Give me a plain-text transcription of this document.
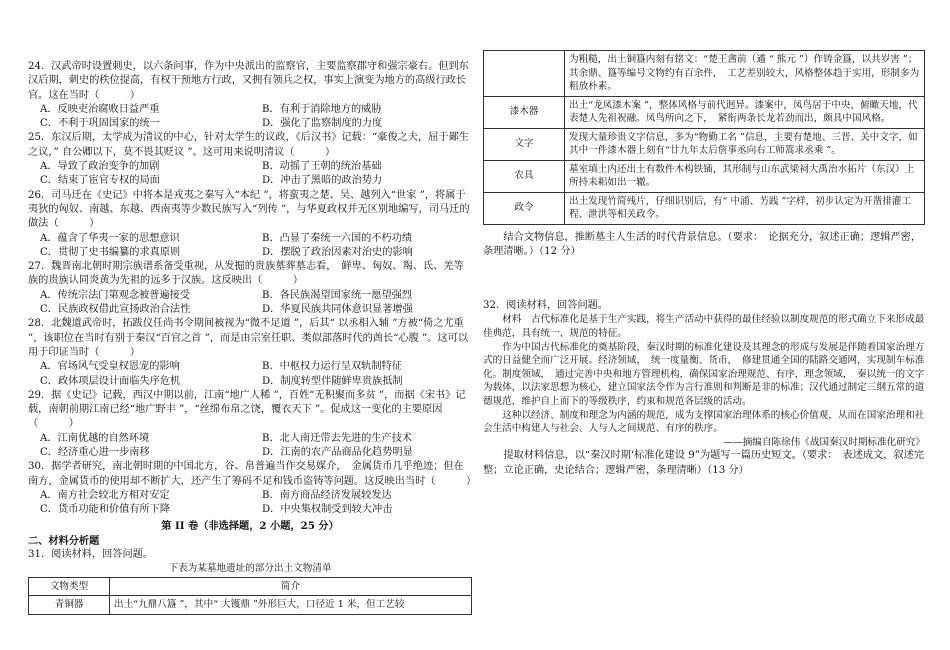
24．汉武帝时设置刺史，以六条问事，作为中央派出的监察官，主要监察郡守和强宗豪右。但到东汉后期，刺史的秩位提高，有权干预地方行政，又拥有领兵之权，事实上演变为地方的高级行政长官。这在当时（　　　）

A．反映吏治腐败日益严重	B．有利于消除地方的威胁
C．不利于巩固国家的统一	D．强化了监察制度的力度

25．东汉后期，太学成为清议的中心，针对太学生的议政，《后汉书》记载：“豪俊之夫，屈于鄙生之议，” 自公卿以下，莫不畏其贬议 ”。这可用来说明清议（　　　）

A．导致了政治变争的加剧	B．动摇了王朝的统治基础
C．结束了宦官专权的局面	D．冲击了黑暗的政治势力

26．司马迁在《史记》中将本是戎夷之秦写入“本纪 ”，将蛮夷之楚、吴、越列入“世家 ”，将属于夷狄的匈奴、南越、东越、西南夷等少数民族写入“列传 ”，与华夏政权并无区别地编写，司马迁的做法（　　　）

A．蕴含了华夷一家的思想意识	B．凸显了秦统一六国的不朽功绩
C．贯彻了史书编纂的求真原则	D．摆脱了政治因素对治史的影响

27．魏晋南北朝时期宗族谱系备受重视，从发掘的贵族墓葬墓志看，　鲜卑、匈奴、羯、氐、羌等族的贵族认同炎黄为先祖的远多于汉族。这反映出（　　　）

A．传统宗法门第观念被普遍接受	B．各民族渴望国家统一愿望强烈
C．民族政权借此宣扬政治合法性	D．华夏民族共同体意识显著增强

28．北魏道武帝时，拓跋仪任尚书令期间被视为“微不足道 ”，后其“ 以丞相入辅 ”方被“倚之尤重 ”，该职位在当时有别于秦汉“百官之首 ”，而是由宗室任职、类似部落时代的酋长“心腹 ”。这可以用于印证当时（　　　）

A．官场风气受皇权恩宠的影响	B．中枢权力运行呈双轨制特征
C．政体项层设计面临失序危机	D．制度转型伴随鲜卑贵族抵制

29．据《史记》记载，西汉中期以前，江南“地广人稀 ”，百姓“无积聚而多贫 ”，而据《宋书》记载，南朝前期江南已经“地广野丰 ”，“丝绵布帛之饶，覆衣天下 ”。促成这一变化的主要原因（　　　）

A．江南优越的自然环境	B．北人南迁带去先进的生产技术
C．经济重心进一步南移	D．江南的农产品商品化趋势明显

30．据学者研究，南北朝时期的中国北方，谷、帛普遍当作交易媒介，　金属货币几乎绝迹；但在南方，金属货币的使用却不断扩大，还产生了筹码不足和钱币盗铸等问题。这反映出当时（　　　）

A．南方社会较北方相对安定	B．南方商品经济发展较发达
C．货币功能和价值有所下降	D．中央集权制受到较大冲击

第 II 卷（非选择题，2 小题，25 分）

二、材料分析题

31．阅读材料，回答问题。

下表为某墓地遗址的部分出土文物清单

文物类型	简介
青铜器	出土“九鼎八簋 ”，其中“ 大镬鼎 ”外形巨大，口径近 1 米，但工艺较
	为粗糙，出土铜簋内刻有铭文：“楚王酓前（遹 “ 熊元 ”）作铸金簋，以共岁害 ”；其余鼎、簋等编号文物约有百余件，　工艺差别较大，风格整体趋于实用，形制多为粗放朴素。
漆木器	出土“龙凤漆木案 ”，整体风格与前代迥异。漆案中，凤鸟居于中央，俯瞰天地，代表楚人先祖祝融。凤鸟所向之下，　紧衔两条长龙若劲而出，颇具中国风格。
文字	发现大量珍贵文字信息，多为“物勤工名 ”信息，主要有楚地、三晋、关中文字，如其中一件漆木器上刻有“廿九年太后詹事丞向右工师篙求丞乘 ”。
农具	墓室填土内还出土有数件木构铁锸，其形制与山东武梁祠大禹治水拓片（东汉）上所持耒耜如出一辙。
政令	出土发现竹简残片，仔细识别后，有“ 中浦、艻践 ”字样，初步认定为开凿排灌工程、泄洪等相关政令。

结合文物信息，推断墓主人生活的时代背景信息。（要求：　论据充分，叙述正确；逻辑严密，条理清晰。）（12 分）

32．阅读材料，回答问题。

材料　古代标准化是基于生产实践，将生产活动中获得的最佳经验以制度规范的形式确立下来形成最佳典范，具有统一、规范的特征。

作为中国古代标准化的奠基阶段，秦汉时期的标准化建设及其理念的形成与发展是伴随着国家治理方式的日益健全而广泛开展。经济领域，　统一度量衡、货币，　修建贯通全国的陆路交通网，实现制车标准化。制度领域，　通过完善中央和地方管理机构，确保国家治理规范、有序，理念领域，　秦以统一的文字为载体，以法家思想为核心，建立国家法令作为言行准则和判断是非的标准；汉代通过制定三纲五常的道德规范，维护自上而下的等级秩序，约束和规范各层级的活动。

这种以经济、制度和理念为内涵的规范，成为支撑国家治理体系的核心价值观，从而在国家治理和社会生活中构建人与社会、人与人之间规范、有序的秩序。

——摘编自陈徐伟《战国秦汉时期标准化研究》

提取材料信息，以“秦汉时期‘标准化建设 9”为题写一篇历史短文。（要求：　表述成文，叙述完整；立论正确，史论结合；逻辑严密，条理清晰）（13 分）
